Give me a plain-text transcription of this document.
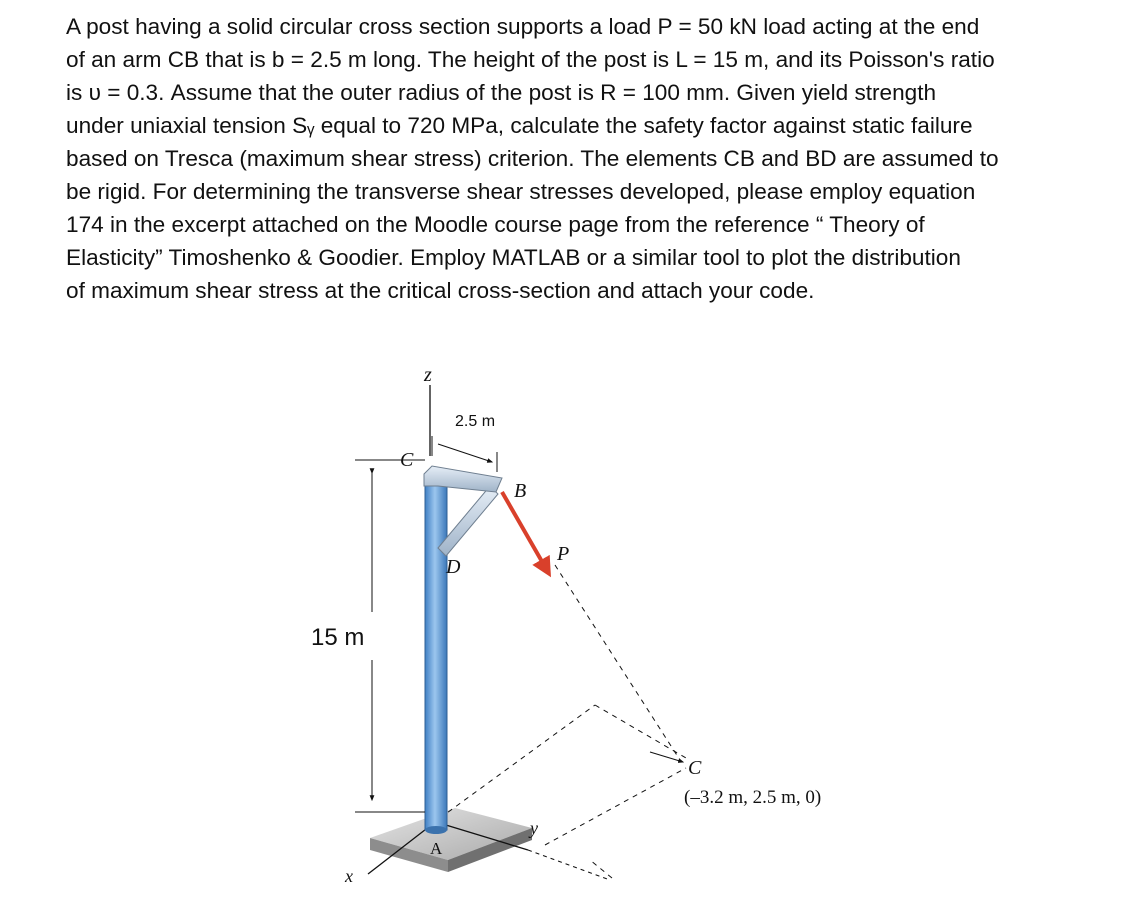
A post having a solid circular cross section supports a load P = 50 kN load acting at the end
of an arm CB that is b = 2.5 m long. The height of the post is L = 15 m, and its Poisson's ratio
is υ = 0.3. Assume that the outer radius of the post is R = 100 mm. Given yield strength
under uniaxial tension Sᵧ equal to 720 MPa, calculate the safety factor against static failure
based on Tresca (maximum shear stress) criterion. The elements CB and BD are assumed to
be rigid. For determining the transverse shear stresses developed, please employ equation
174 in the excerpt attached on the Moodle course page from the reference “ Theory of
Elasticity” Timoshenko & Goodier. Employ MATLAB or a similar tool to plot the distribution
of maximum shear stress at the critical cross-section and attach your code.
z
2.5 m
C
B
D
P
15 m
A
y
x
C
(–3.2 m, 2.5 m, 0)
